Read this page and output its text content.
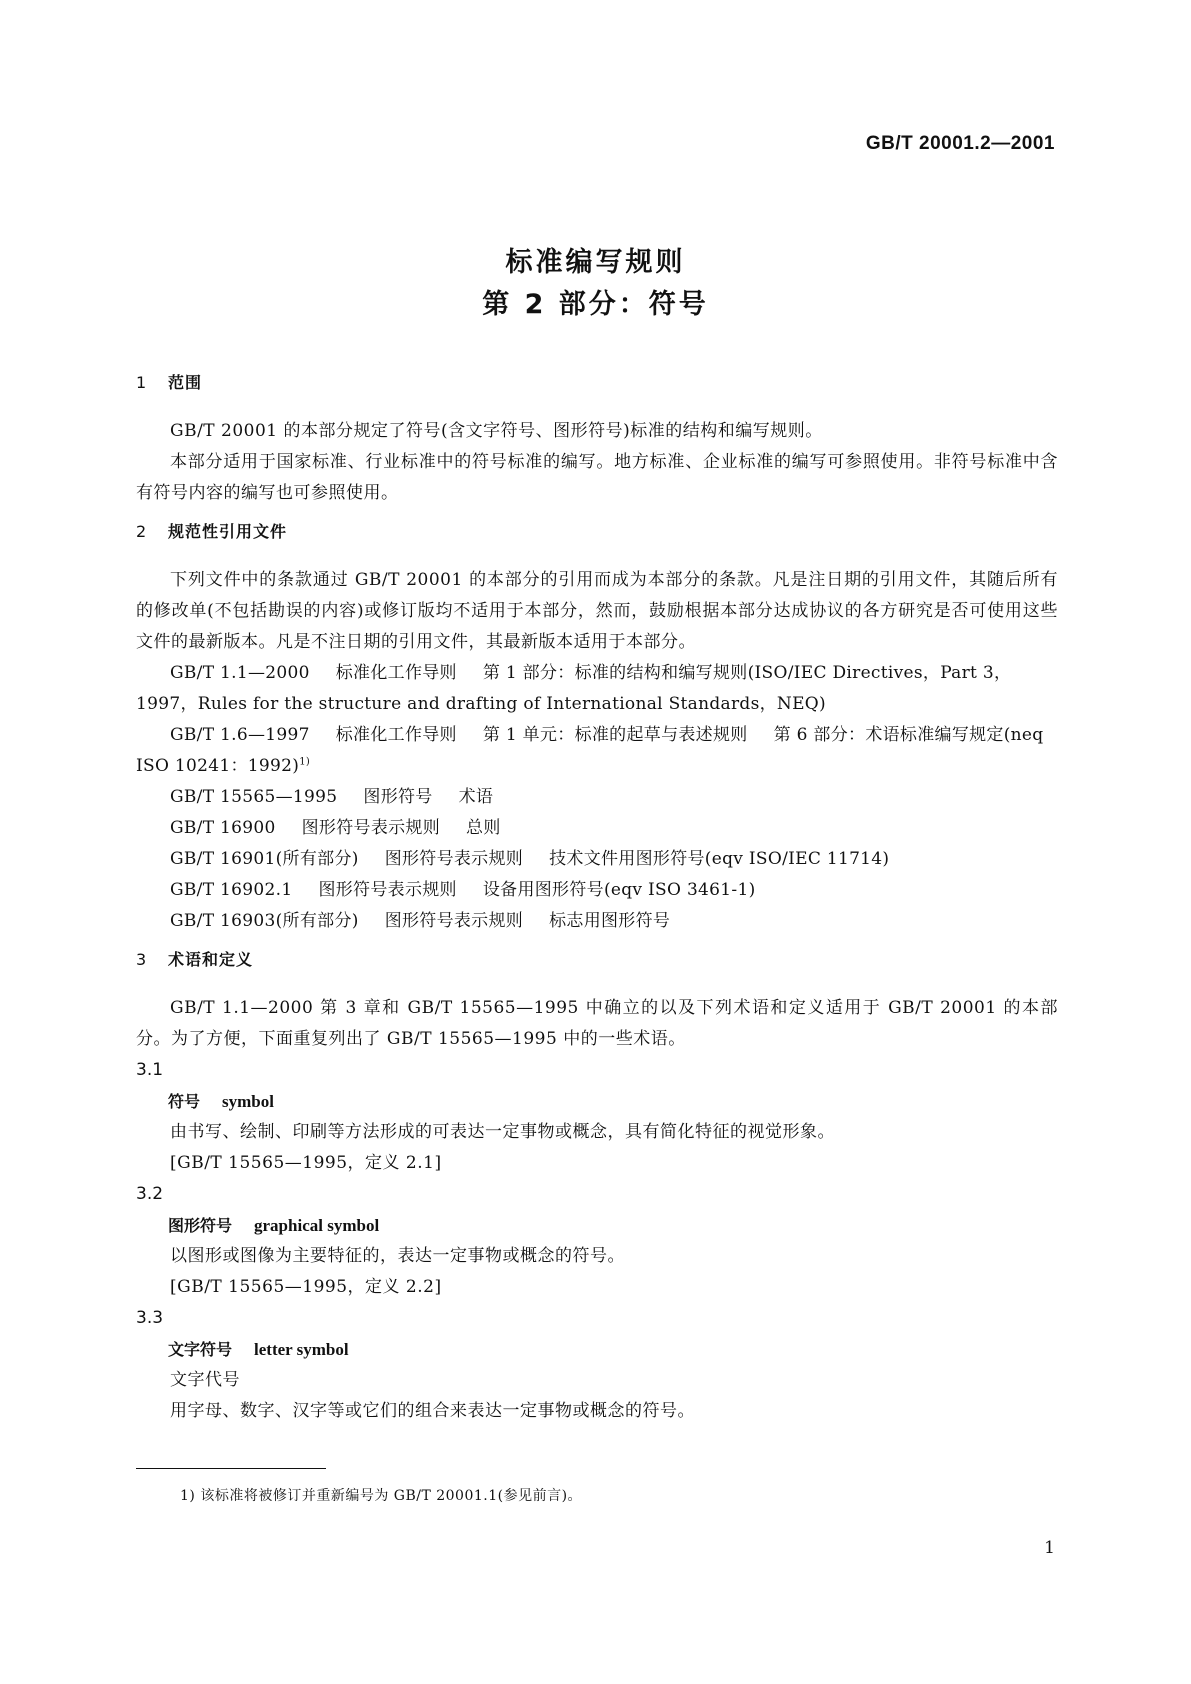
GB/T 20001.2—2001
标准编写规则
第 2 部分：符号
1 范围

GB/T 20001 的本部分规定了符号(含文字符号、图形符号)标准的结构和编写规则。

本部分适用于国家标准、行业标准中的符号标准的编写。地方标准、企业标准的编写可参照使用。非符号标准中含有符号内容的编写也可参照使用。

2 规范性引用文件

下列文件中的条款通过 GB/T 20001 的本部分的引用而成为本部分的条款。凡是注日期的引用文件，其随后所有的修改单(不包括勘误的内容)或修订版均不适用于本部分，然而，鼓励根据本部分达成协议的各方研究是否可使用这些文件的最新版本。凡是不注日期的引用文件，其最新版本适用于本部分。

GB/T 1.1—2000 标准化工作导则 第 1 部分：标准的结构和编写规则(ISO/IEC Directives，Part 3，1997，Rules for the structure and drafting of International Standards，NEQ)

GB/T 1.6—1997 标准化工作导则 第 1 单元：标准的起草与表述规则 第 6 部分：术语标准编写规定(neq ISO 10241：1992)$^{1)}$

GB/T 15565—1995 图形符号 术语

GB/T 16900 图形符号表示规则 总则

GB/T 16901(所有部分) 图形符号表示规则 技术文件用图形符号(eqv ISO/IEC 11714)

GB/T 16902.1 图形符号表示规则 设备用图形符号(eqv ISO 3461-1)

GB/T 16903(所有部分) 图形符号表示规则 标志用图形符号

3 术语和定义

GB/T 1.1—2000 第 3 章和 GB/T 15565—1995 中确立的以及下列术语和定义适用于 GB/T 20001 的本部分。为了方便，下面重复列出了 GB/T 15565—1995 中的一些术语。

3.1

符号 symbol

由书写、绘制、印刷等方法形成的可表达一定事物或概念，具有简化特征的视觉形象。

[GB/T 15565—1995，定义 2.1]

3.2

图形符号 graphical symbol

以图形或图像为主要特征的，表达一定事物或概念的符号。

[GB/T 15565—1995，定义 2.2]

3.3

文字符号 letter symbol

文字代号

用字母、数字、汉字等或它们的组合来表达一定事物或概念的符号。

1) 该标准将被修订并重新编号为 GB/T 20001.1(参见前言)。
1
